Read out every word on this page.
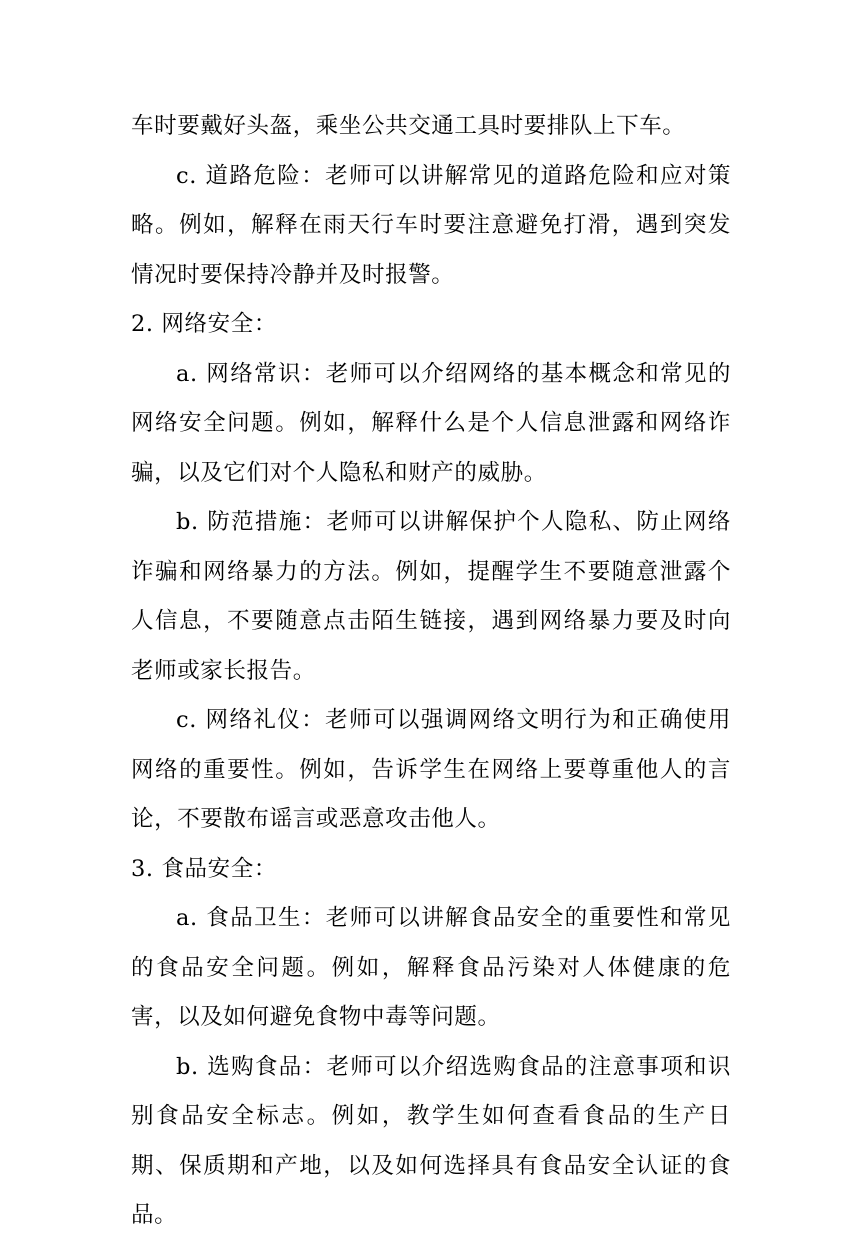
车时要戴好头盔，乘坐公共交通工具时要排队上下车。

c. 道路危险：老师可以讲解常见的道路危险和应对策略。例如，解释在雨天行车时要注意避免打滑，遇到突发情况时要保持冷静并及时报警。

2. 网络安全：

a. 网络常识：老师可以介绍网络的基本概念和常见的网络安全问题。例如，解释什么是个人信息泄露和网络诈骗，以及它们对个人隐私和财产的威胁。

b. 防范措施：老师可以讲解保护个人隐私、防止网络诈骗和网络暴力的方法。例如，提醒学生不要随意泄露个人信息，不要随意点击陌生链接，遇到网络暴力要及时向老师或家长报告。

c. 网络礼仪：老师可以强调网络文明行为和正确使用网络的重要性。例如，告诉学生在网络上要尊重他人的言论，不要散布谣言或恶意攻击他人。

3. 食品安全：

a. 食品卫生：老师可以讲解食品安全的重要性和常见的食品安全问题。例如，解释食品污染对人体健康的危害，以及如何避免食物中毒等问题。

b. 选购食品：老师可以介绍选购食品的注意事项和识别食品安全标志。例如，教学生如何查看食品的生产日期、保质期和产地，以及如何选择具有食品安全认证的食品。
